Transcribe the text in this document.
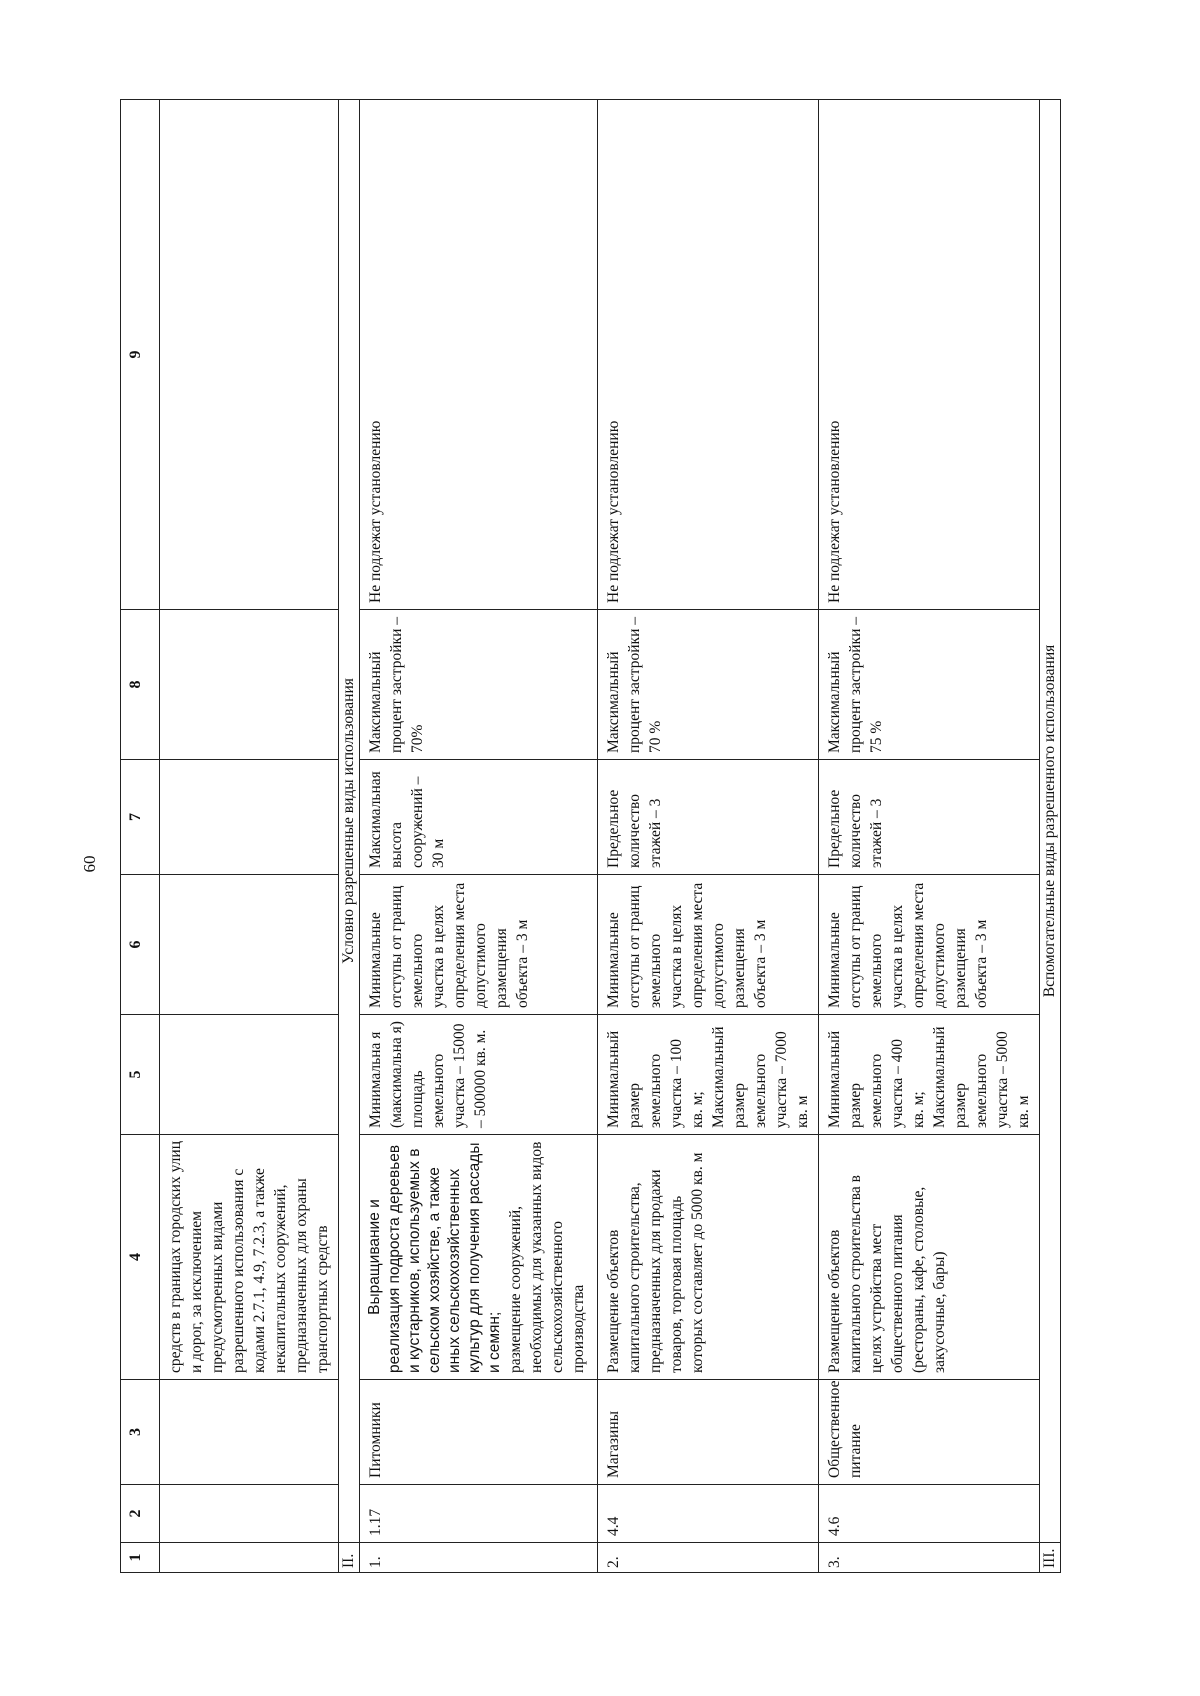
60
1	2	3	4	5	6	7	8	9
			средств в границах городских улиц и дорог, за исключением предусмотренных видами разрешенного использования с кодами 2.7.1, 4.9, 7.2.3, а также некапитальных сооружений, предназначенных для охраны транспортных средств					
II.	Условно разрешенные виды использования							
1.	1.17	Питомники	Выращивание и реализация подроста деревьев и кустарников, используемых в сельском хозяйстве, а также иных сельскохозяйственных культур для получения рассады и семян; размещение сооружений, необходимых для указанных видов сельскохозяйственного производства	Минимальна я (максимальна я) площадь земельного участка – 15000 – 500000 кв. м.	Минимальные отступы от границ земельного участка в целях определения места допустимого размещения объекта – 3 м	Максимальная высота сооружений – 30 м	Максимальный процент застройки – 70%	Не подлежат установлению
2.	4.4	Магазины	Размещение объектов капитального строительства, предназначенных для продажи товаров, торговая площадь которых составляет до 5000 кв. м	Минимальный размер земельного участка – 100 кв. м; Максимальный размер земельного участка – 7000 кв. м	Минимальные отступы от границ земельного участка в целях определения места допустимого размещения объекта – 3 м	Предельное количество этажей – 3	Максимальный процент застройки – 70 %	Не подлежат установлению
3.	4.6	Общественное питание	Размещение объектов капитального строительства в целях устройства мест общественного питания (рестораны, кафе, столовые, закусочные, бары)	Минимальный размер земельного участка – 400 кв. м; Максимальный размер земельного участка – 5000 кв. м	Минимальные отступы от границ земельного участка в целях определения места допустимого размещения объекта – 3 м	Предельное количество этажей – 3	Максимальный процент застройки – 75 %	Не подлежат установлению
III.	Вспомогательные виды разрешенного использования							
